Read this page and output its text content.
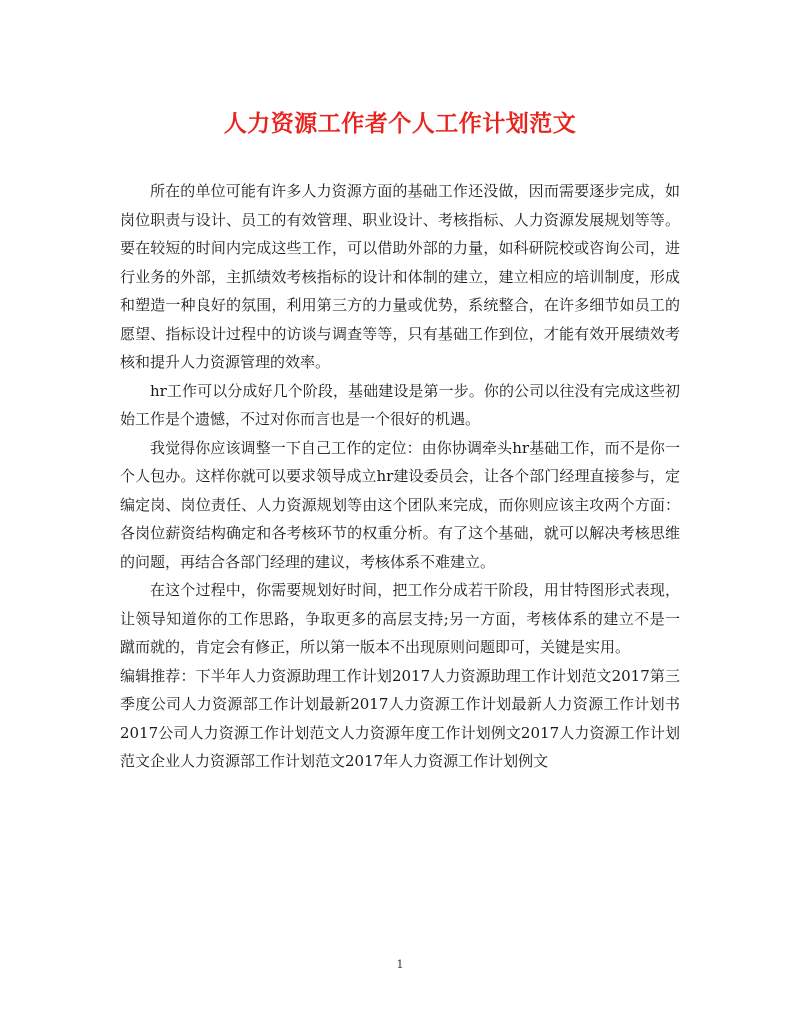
人力资源工作者个人工作计划范文

所在的单位可能有许多人力资源方面的基础工作还没做，因而需要逐步完成，如岗位职责与设计、员工的有效管理、职业设计、考核指标、人力资源发展规划等等。要在较短的时间内完成这些工作，可以借助外部的力量，如科研院校或咨询公司，进行业务的外部，主抓绩效考核指标的设计和体制的建立，建立相应的培训制度，形成和塑造一种良好的氛围，利用第三方的力量或优势，系统整合，在许多细节如员工的愿望、指标设计过程中的访谈与调查等等，只有基础工作到位，才能有效开展绩效考核和提升人力资源管理的效率。

hr工作可以分成好几个阶段，基础建设是第一步。你的公司以往没有完成这些初始工作是个遗憾，不过对你而言也是一个很好的机遇。

我觉得你应该调整一下自己工作的定位：由你协调牵头hr基础工作，而不是你一个人包办。这样你就可以要求领导成立hr建设委员会，让各个部门经理直接参与，定编定岗、岗位责任、人力资源规划等由这个团队来完成，而你则应该主攻两个方面：各岗位薪资结构确定和各考核环节的权重分析。有了这个基础，就可以解决考核思维的问题，再结合各部门经理的建议，考核体系不难建立。

在这个过程中，你需要规划好时间，把工作分成若干阶段，用甘特图形式表现，让领导知道你的工作思路，争取更多的高层支持;另一方面，考核体系的建立不是一蹴而就的，肯定会有修正，所以第一版本不出现原则问题即可，关键是实用。

编辑推荐：下半年人力资源助理工作计划2017人力资源助理工作计划范文2017第三季度公司人力资源部工作计划最新2017人力资源工作计划最新人力资源工作计划书2017公司人力资源工作计划范文人力资源年度工作计划例文2017人力资源工作计划范文企业人力资源部工作计划范文2017年人力资源工作计划例文

1
